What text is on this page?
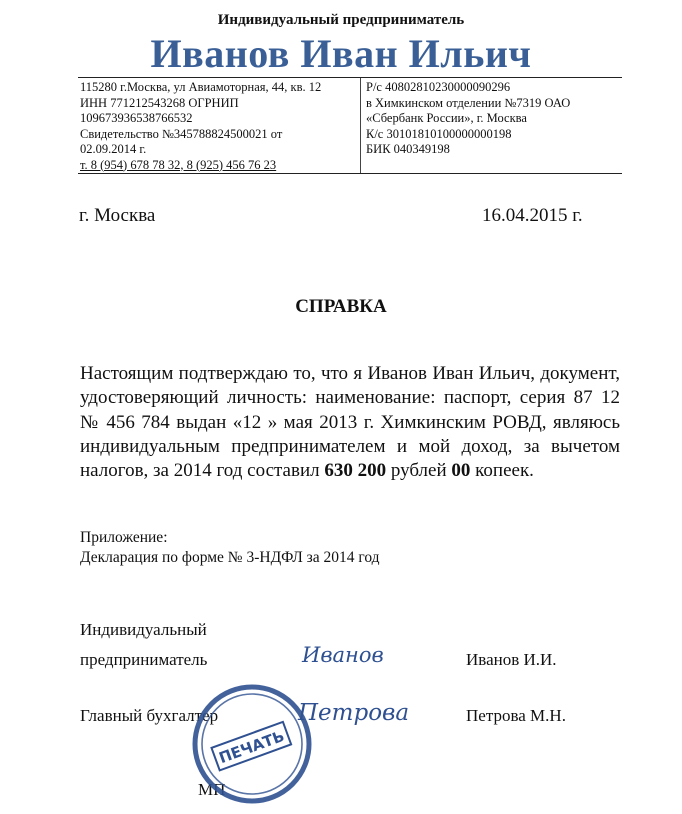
Индивидуальный предприниматель
Иванов Иван Ильич
115280 г.Москва, ул Авиамоторная, 44, кв. 12
ИНН 771212543268 ОГРНИП
109673936538766532
Свидетельство №345788824500021 от
02.09.2014 г.
т. 8 (954) 678 78 32, 8 (925) 456 76 23
Р/с 40802810230000090296
в Химкинском отделении №7319 ОАО
«Сбербанк России», г. Москва
К/с 30101810100000000198
БИК 040349198
г. Москва	16.04.2015 г.
СПРАВКА
Настоящим подтверждаю то, что я Иванов Иван Ильич, документ, удостоверяющий личность: наименование: паспорт, серия 87 12 № 456 784 выдан «12 » мая 2013 г. Химкинским РОВД, являюсь индивидуальным предпринимателем и мой доход, за вычетом налогов, за 2014 год составил 630 200 рублей 00 копеек.
Приложение:
Декларация по форме № 3-НДФЛ за 2014 год
Индивидуальный
предприниматель	Иванов	Иванов И.И.
Главный бухгалтер	Петрова	Петрова М.Н.
МП
ПЕЧАТЬ
